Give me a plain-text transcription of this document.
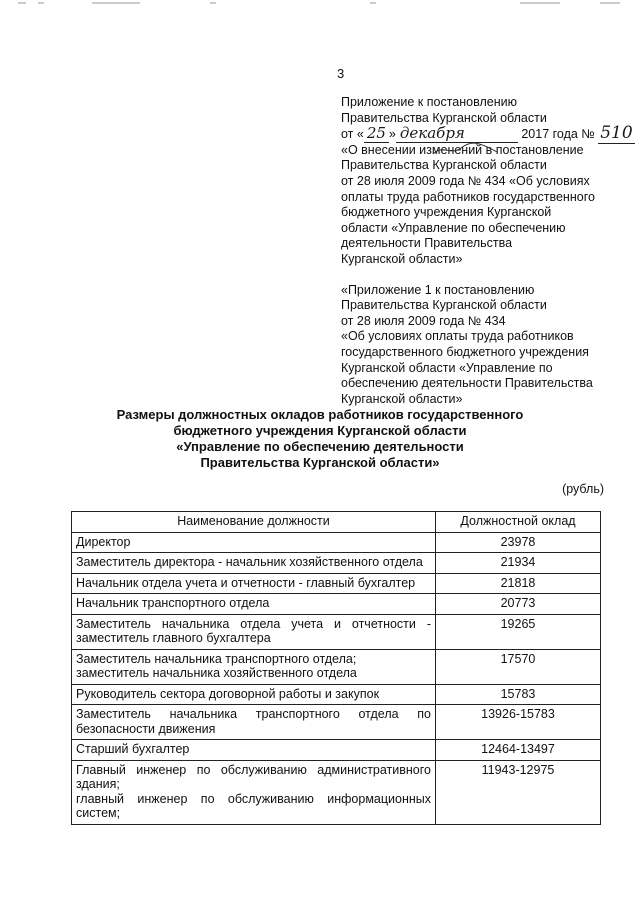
3
Приложение к постановлению
Правительства Курганской области
от « 25 » декабря	2017 года № 510
«О внесении изменений в постановление
Правительства Курганской области
от 28 июля 2009 года № 434 «Об условиях
оплаты труда работников государственного
бюджетного учреждения Курганской
области «Управление по обеспечению
деятельности Правительства
Курганской области»
«Приложение 1 к постановлению
Правительства Курганской области
от 28 июля 2009 года № 434
«Об условиях оплаты труда работников
государственного бюджетного учреждения
Курганской области «Управление по
обеспечению деятельности Правительства
Курганской области»
Размеры должностных окладов работников государственного
бюджетного учреждения Курганской области
«Управление по обеспечению деятельности
Правительства Курганской области»
(рубль)
Наименование должности	Должностной оклад

Директор	23978

Заместитель директора - начальник хозяйственного отдела	21934

Начальник отдела учета и отчетности - главный бухгалтер	21818

Начальник транспортного отдела	20773

Заместитель начальника отдела учета и отчетности - заместитель главного бухгалтера	19265

Заместитель начальника транспортного отдела;
заместитель начальника хозяйственного отдела	17570

Руководитель сектора договорной работы и закупок	15783

Заместитель начальника транспортного отдела по безопасности движения	13926-15783

Старший бухгалтер	12464-13497

Главный инженер по обслуживанию административного здания;
главный инженер по обслуживанию информационных систем;	11943-12975
